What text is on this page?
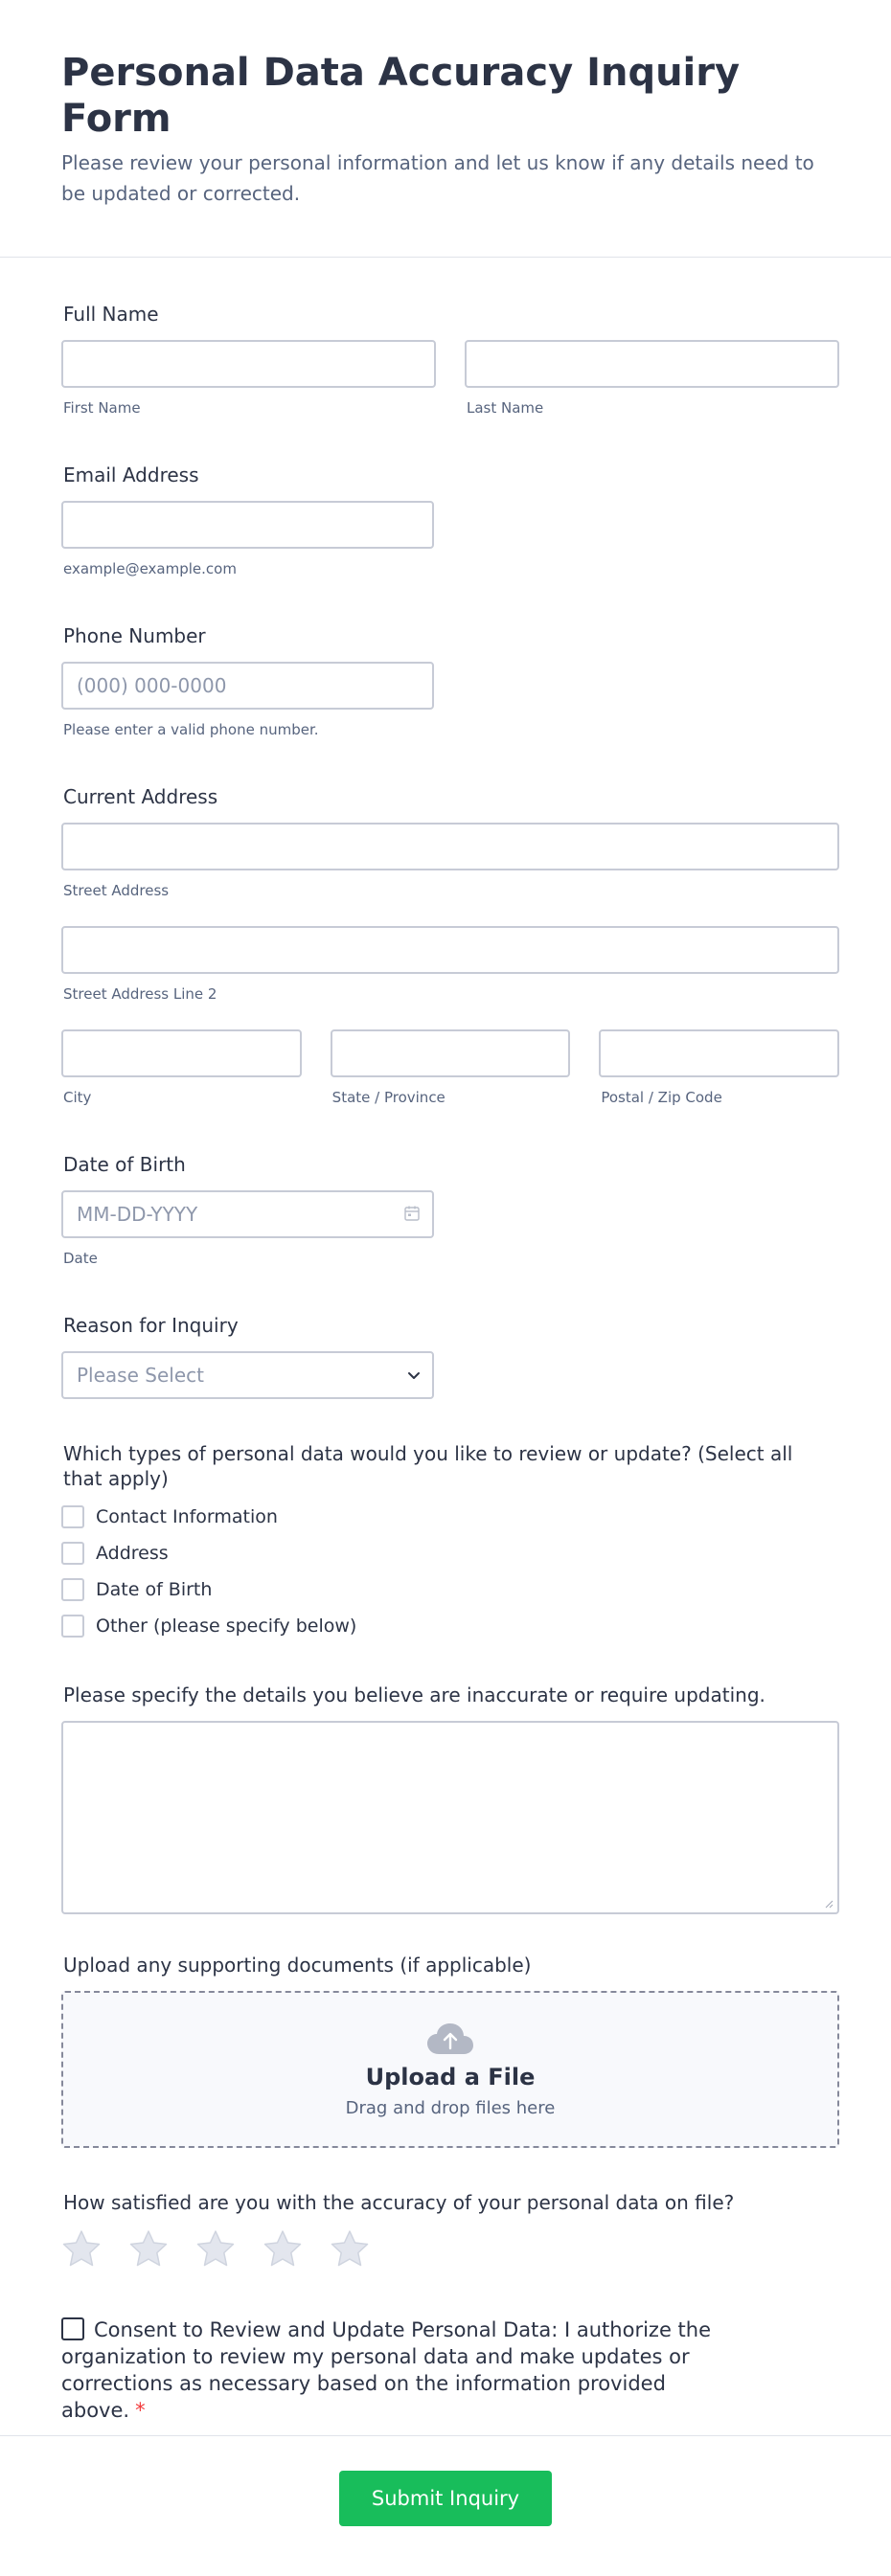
Personal Data Accuracy Inquiry Form

Please review your personal information and let us know if any details need to be updated or corrected.

Full Name
First Name	Last Name
Email Address
example@example.com
Phone Number
(000) 000-0000
Please enter a valid phone number.
Current Address
Street Address
Street Address Line 2
City	State / Province	Postal / Zip Code
Date of Birth
MM-DD-YYYY
Date
Reason for Inquiry
Please Select
Which types of personal data would you like to review or update? (Select all that apply)
Contact Information
Address
Date of Birth
Other (please specify below)
Please specify the details you believe are inaccurate or require updating.
Upload any supporting documents (if applicable)
Upload a File
Drag and drop files here
How satisfied are you with the accuracy of your personal data on file?
Consent to Review and Update Personal Data: I authorize the organization to review my personal data and make updates or corrections as necessary based on the information provided above. *
Submit Inquiry
